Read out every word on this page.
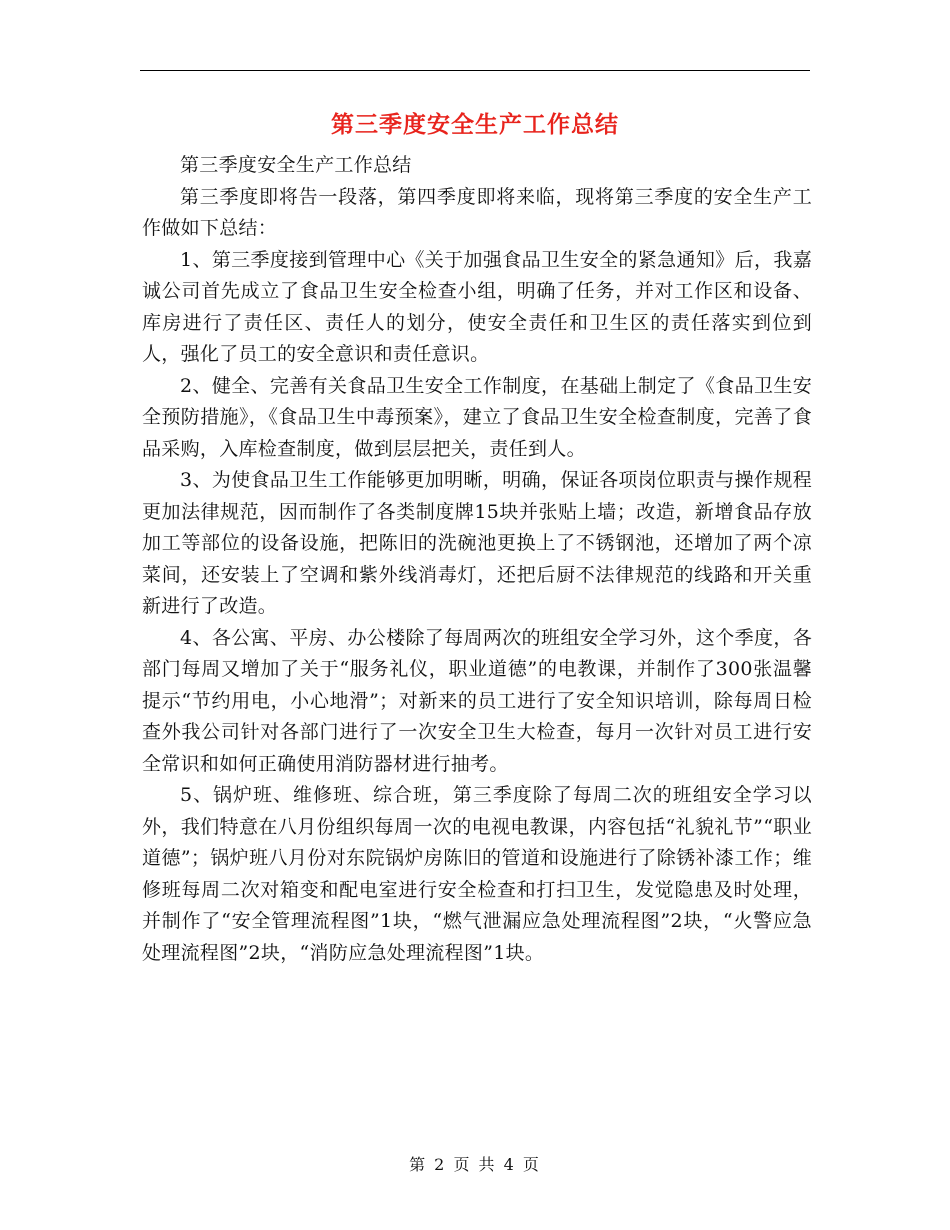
第三季度安全生产工作总结

第三季度安全生产工作总结

第三季度即将告一段落，第四季度即将来临，现将第三季度的安全生产工作做如下总结：

1、第三季度接到管理中心《关于加强食品卫生安全的紧急通知》后，我嘉诚公司首先成立了食品卫生安全检查小组，明确了任务，并对工作区和设备、库房进行了责任区、责任人的划分，使安全责任和卫生区的责任落实到位到人，强化了员工的安全意识和责任意识。

2、健全、完善有关食品卫生安全工作制度，在基础上制定了《食品卫生安全预防措施》，《食品卫生中毒预案》，建立了食品卫生安全检查制度，完善了食品采购，入库检查制度，做到层层把关，责任到人。

3、为使食品卫生工作能够更加明晰，明确，保证各项岗位职责与操作规程更加法律规范，因而制作了各类制度牌15块并张贴上墙；改造，新增食品存放加工等部位的设备设施，把陈旧的洗碗池更换上了不锈钢池，还增加了两个凉菜间，还安装上了空调和紫外线消毒灯，还把后厨不法律规范的线路和开关重新进行了改造。

4、各公寓、平房、办公楼除了每周两次的班组安全学习外，这个季度，各部门每周又增加了关于“服务礼仪，职业道德”的电教课，并制作了300张温馨提示“节约用电，小心地滑”；对新来的员工进行了安全知识培训，除每周日检查外我公司针对各部门进行了一次安全卫生大检查，每月一次针对员工进行安全常识和如何正确使用消防器材进行抽考。

5、锅炉班、维修班、综合班，第三季度除了每周二次的班组安全学习以外，我们特意在八月份组织每周一次的电视电教课，内容包括“礼貌礼节”“职业道德”；锅炉班八月份对东院锅炉房陈旧的管道和设施进行了除锈补漆工作；维修班每周二次对箱变和配电室进行安全检查和打扫卫生，发觉隐患及时处理，并制作了“安全管理流程图”1块，“燃气泄漏应急处理流程图”2块，“火警应急处理流程图”2块，“消防应急处理流程图”1块。

第 2 页 共 4 页
